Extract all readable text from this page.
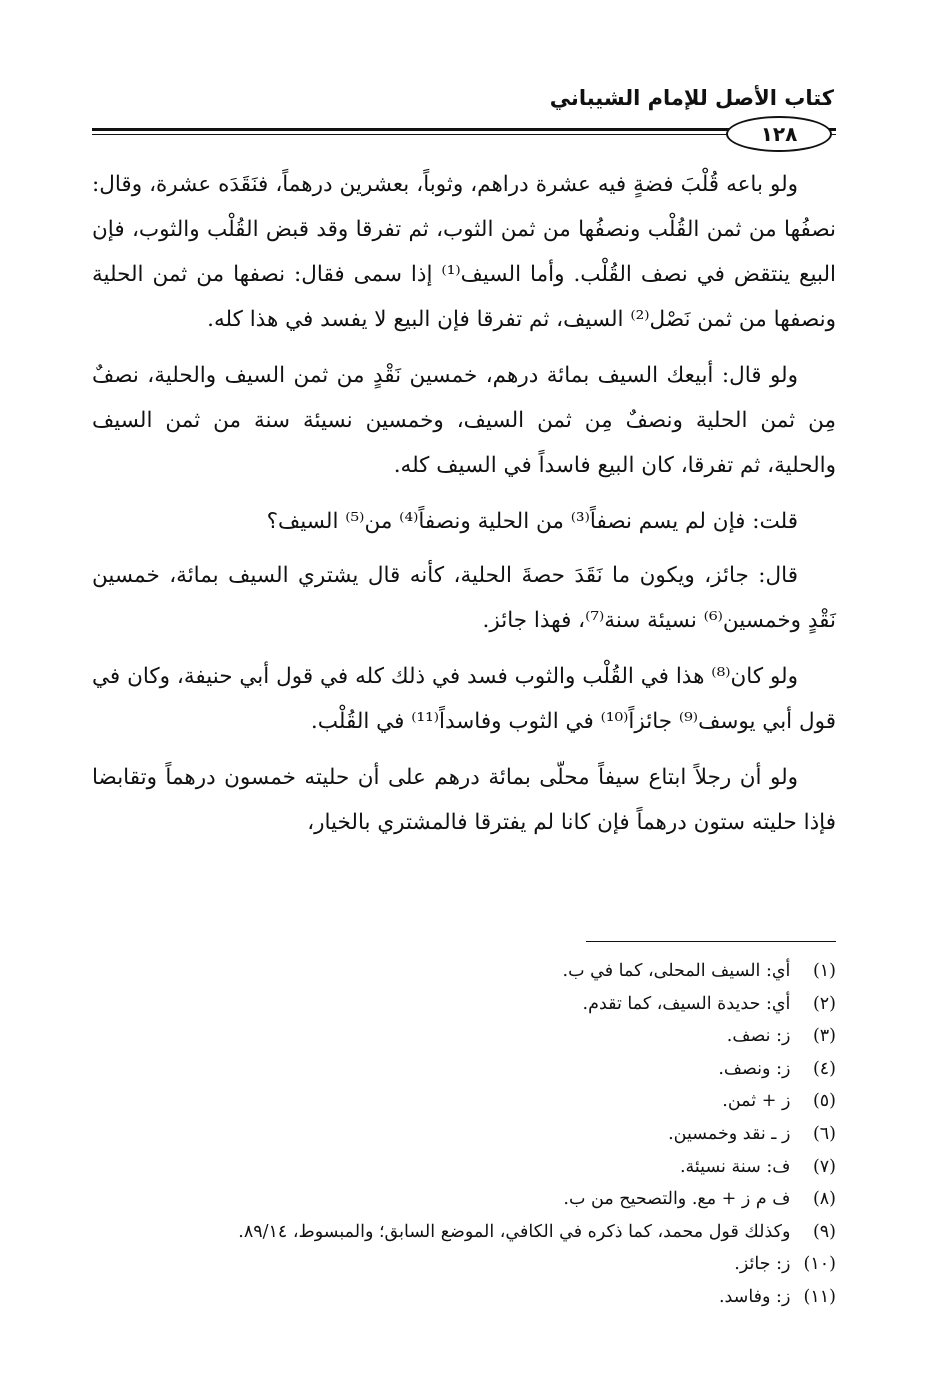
كتاب الأصل للإمام الشيباني
١٢٨

ولو باعه قُلْبَ فضةٍ فيه عشرة دراهم، وثوباً، بعشرين درهماً، فنَقَدَه عشرة، وقال: نصفُها من ثمن القُلْب ونصفُها من ثمن الثوب، ثم تفرقا وقد قبض القُلْب والثوب، فإن البيع ينتقض في نصف القُلْب. وأما السيف⁽¹⁾ إذا سمى فقال: نصفها من ثمن الحلية ونصفها من ثمن نَصْل⁽²⁾ السيف، ثم تفرقا فإن البيع لا يفسد في هذا كله.

ولو قال: أبيعك السيف بمائة درهم، خمسين نَقْدٍ من ثمن السيف والحلية، نصفٌ مِن ثمن الحلية ونصفٌ مِن ثمن السيف، وخمسين نسيئة سنة من ثمن السيف والحلية، ثم تفرقا، كان البيع فاسداً في السيف كله.

قلت: فإن لم يسم نصفاً⁽³⁾ من الحلية ونصفاً⁽⁴⁾ من⁽⁵⁾ السيف؟

قال: جائز، ويكون ما نَقَدَ حصةَ الحلية، كأنه قال يشتري السيف بمائة، خمسين نَقْدٍ وخمسين⁽⁶⁾ نسيئة سنة⁽⁷⁾، فهذا جائز.

ولو كان⁽⁸⁾ هذا في القُلْب والثوب فسد في ذلك كله في قول أبي حنيفة، وكان في قول أبي يوسف⁽⁹⁾ جائزاً⁽¹⁰⁾ في الثوب وفاسداً⁽¹¹⁾ في القُلْب.

ولو أن رجلاً ابتاع سيفاً محلّى بمائة درهم على أن حليته خمسون درهماً وتقابضا فإذا حليته ستون درهماً فإن كانا لم يفترقا فالمشتري بالخيار،

(١) أي: السيف المحلى، كما في ب.
(٢) أي: حديدة السيف، كما تقدم.
(٣) ز: نصف.
(٤) ز: ونصف.
(٥) ز + ثمن.
(٦) ز ـ نقد وخمسين.
(٧) ف: سنة نسيئة.
(٨) ف م ز + مع. والتصحيح من ب.
(٩) وكذلك قول محمد، كما ذكره في الكافي، الموضع السابق؛ والمبسوط، ٨٩/١٤.
(١٠) ز: جائز.
(١١) ز: وفاسد.
